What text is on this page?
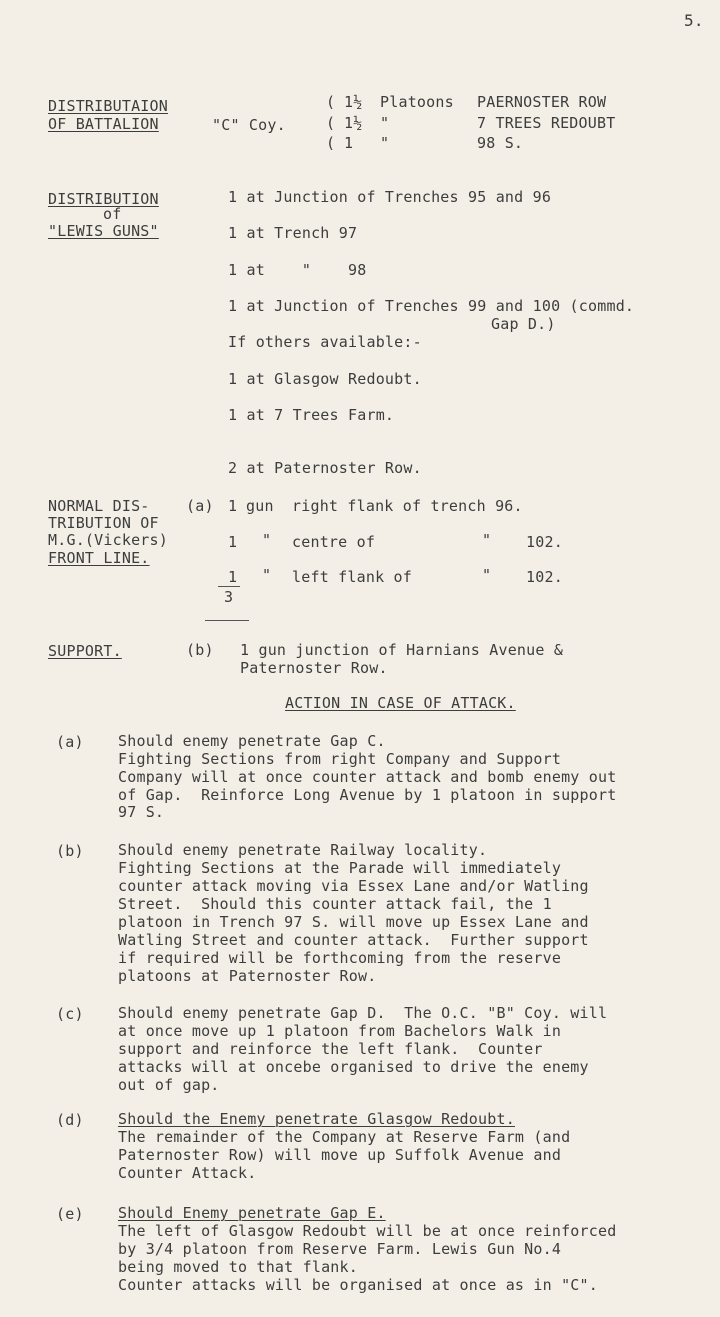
5.
DISTRIBUTAION
OF BATTALION	"C" Coy.
( 1½ Platoons PAERNOSTER ROW
( 1½ "	7 TREES REDOUBT
( 1 "	98 S.
DISTRIBUTION
of
"LEWIS GUNS"
1 at Junction of Trenches 95 and 96
1 at Trench 97
1 at    "    98
1 at Junction of Trenches 99 and 100 (commd.
Gap D.)
If others available:-
1 at Glasgow Redoubt.
1 at 7 Trees Farm.
2 at Paternoster Row.
NORMAL DIS-
TRIBUTION OF
M.G.(Vickers)
FRONT LINE.
(a) 1 gun right flank of trench 96.
1 " centre of	" 102.
1 " left flank of	" 102.
3
SUPPORT.	(b) 1 gun junction of Harnians Avenue &
Paternoster Row.
ACTION IN CASE OF ATTACK.
(a) Should enemy penetrate Gap C.
Fighting Sections from right Company and Support
Company will at once counter attack and bomb enemy out
of Gap.  Reinforce Long Avenue by 1 platoon in support
97 S.
(b) Should enemy penetrate Railway locality.
Fighting Sections at the Parade will immediately
counter attack moving via Essex Lane and/or Watling
Street.  Should this counter attack fail, the 1
platoon in Trench 97 S. will move up Essex Lane and
Watling Street and counter attack.  Further support
if required will be forthcoming from the reserve
platoons at Paternoster Row.
(c) Should enemy penetrate Gap D.  The O.C. "B" Coy. will
at once move up 1 platoon from Bachelors Walk in
support and reinforce the left flank.  Counter
attacks will at oncebe organised to drive the enemy
out of gap.
(d) Should the Enemy penetrate Glasgow Redoubt.
The remainder of the Company at Reserve Farm (and
Paternoster Row) will move up Suffolk Avenue and
Counter Attack.
(e) Should Enemy penetrate Gap E.
The left of Glasgow Redoubt will be at once reinforced
by 3/4 platoon from Reserve Farm. Lewis Gun No.4
being moved to that flank.
Counter attacks will be organised at once as in "C".
